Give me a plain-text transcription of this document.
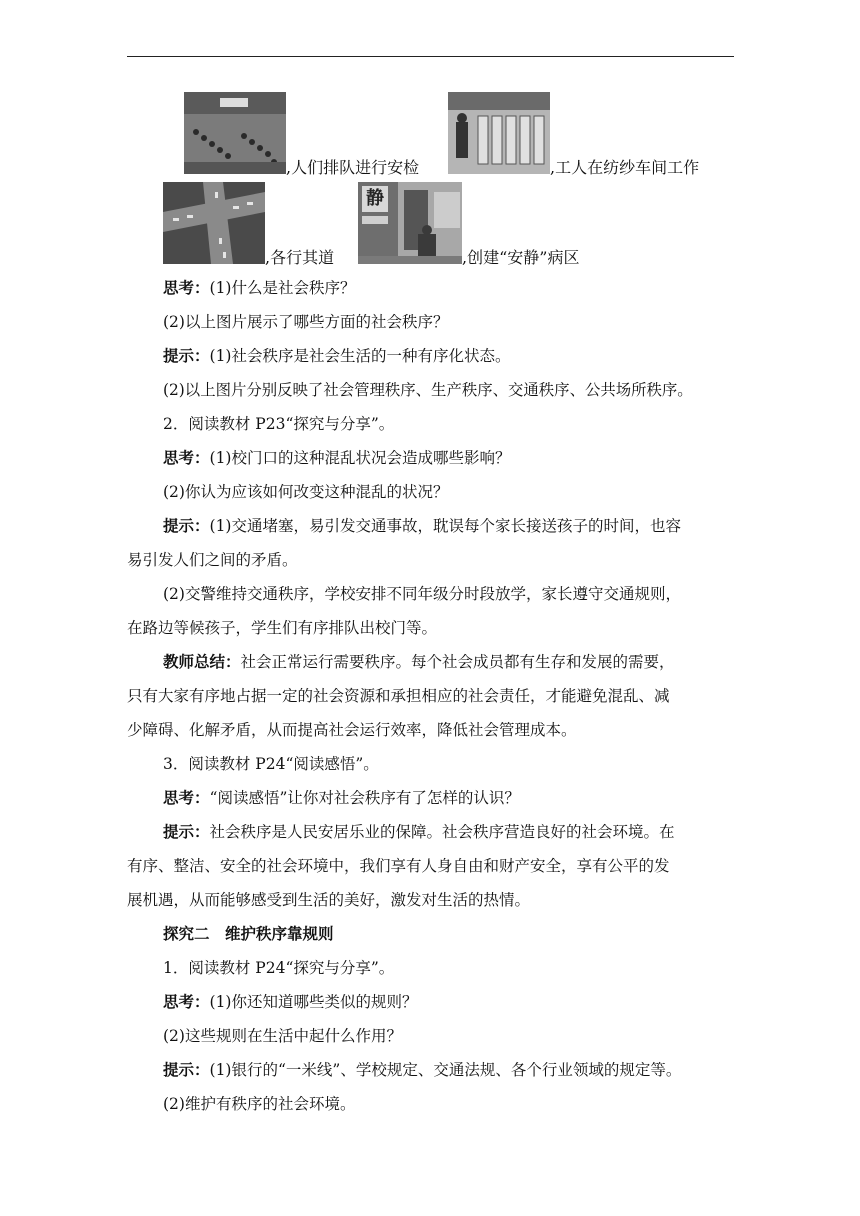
,人们排队进行安检	,工人在纺纱车间工作
,各行其道
静
,创建“安静”病区
思考：(1)什么是社会秩序？
(2)以上图片展示了哪些方面的社会秩序？
提示：(1)社会秩序是社会生活的一种有序化状态。
(2)以上图片分别反映了社会管理秩序、生产秩序、交通秩序、公共场所秩序。
2．阅读教材 P23“探究与分享”。
思考：(1)校门口的这种混乱状况会造成哪些影响？
(2)你认为应该如何改变这种混乱的状况？
提示：(1)交通堵塞，易引发交通事故，耽误每个家长接送孩子的时间，也容
易引发人们之间的矛盾。
(2)交警维持交通秩序，学校安排不同年级分时段放学，家长遵守交通规则，
在路边等候孩子，学生们有序排队出校门等。
教师总结：社会正常运行需要秩序。每个社会成员都有生存和发展的需要，
只有大家有序地占据一定的社会资源和承担相应的社会责任，才能避免混乱、减
少障碍、化解矛盾，从而提高社会运行效率，降低社会管理成本。
3．阅读教材 P24“阅读感悟”。
思考：“阅读感悟”让你对社会秩序有了怎样的认识？
提示：社会秩序是人民安居乐业的保障。社会秩序营造良好的社会环境。在
有序、整洁、安全的社会环境中，我们享有人身自由和财产安全，享有公平的发
展机遇，从而能够感受到生活的美好，激发对生活的热情。
探究二　维护秩序靠规则
1．阅读教材 P24“探究与分享”。
思考：(1)你还知道哪些类似的规则？
(2)这些规则在生活中起什么作用？
提示：(1)银行的“一米线”、学校规定、交通法规、各个行业领域的规定等。
(2)维护有秩序的社会环境。
